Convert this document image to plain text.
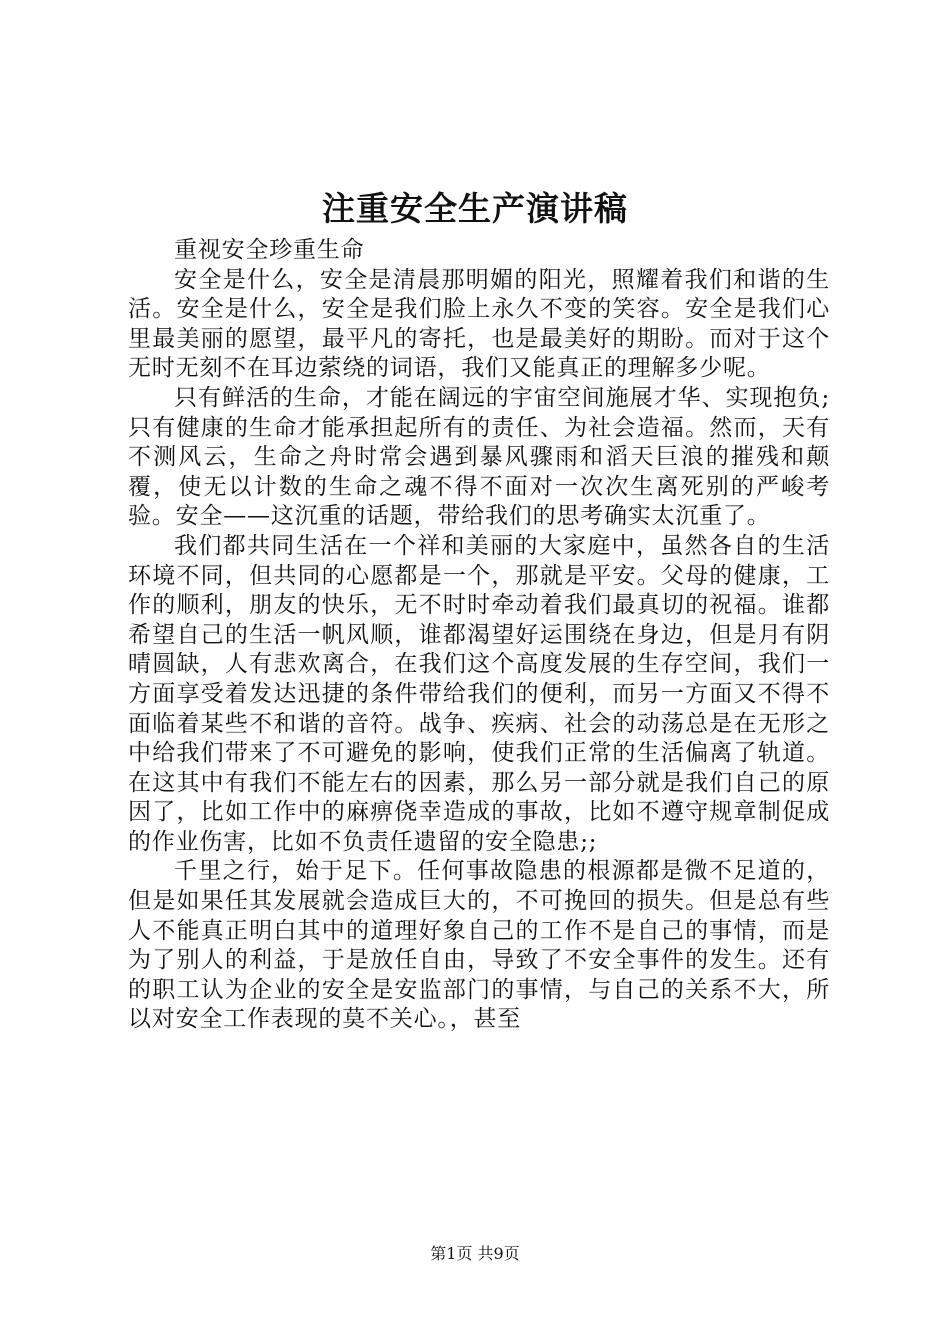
注重安全生产演讲稿

重视安全珍重生命

安全是什么，安全是清晨那明媚的阳光，照耀着我们和谐的生活。安全是什么，安全是我们脸上永久不变的笑容。安全是我们心里最美丽的愿望，最平凡的寄托，也是最美好的期盼。而对于这个无时无刻不在耳边萦绕的词语，我们又能真正的理解多少呢。

只有鲜活的生命，才能在阔远的宇宙空间施展才华、实现抱负;只有健康的生命才能承担起所有的责任、为社会造福。然而，天有不测风云，生命之舟时常会遇到暴风骤雨和滔天巨浪的摧残和颠覆，使无以计数的生命之魂不得不面对一次次生离死别的严峻考验。安全——这沉重的话题，带给我们的思考确实太沉重了。

我们都共同生活在一个祥和美丽的大家庭中，虽然各自的生活环境不同，但共同的心愿都是一个，那就是平安。父母的健康，工作的顺利，朋友的快乐，无不时时牵动着我们最真切的祝福。谁都希望自己的生活一帆风顺，谁都渴望好运围绕在身边，但是月有阴晴圆缺，人有悲欢离合，在我们这个高度发展的生存空间，我们一方面享受着发达迅捷的条件带给我们的便利，而另一方面又不得不面临着某些不和谐的音符。战争、疾病、社会的动荡总是在无形之中给我们带来了不可避免的影响，使我们正常的生活偏离了轨道。在这其中有我们不能左右的因素，那么另一部分就是我们自己的原因了，比如工作中的麻痹侥幸造成的事故，比如不遵守规章制促成的作业伤害，比如不负责任遗留的安全隐患;;

千里之行，始于足下。任何事故隐患的根源都是微不足道的，但是如果任其发展就会造成巨大的，不可挽回的损失。但是总有些人不能真正明白其中的道理好象自己的工作不是自己的事情，而是为了别人的利益，于是放任自由，导致了不安全事件的发生。还有的职工认为企业的安全是安监部门的事情，与自己的关系不大，所以对安全工作表现的莫不关心。，甚至

第1页 共9页
